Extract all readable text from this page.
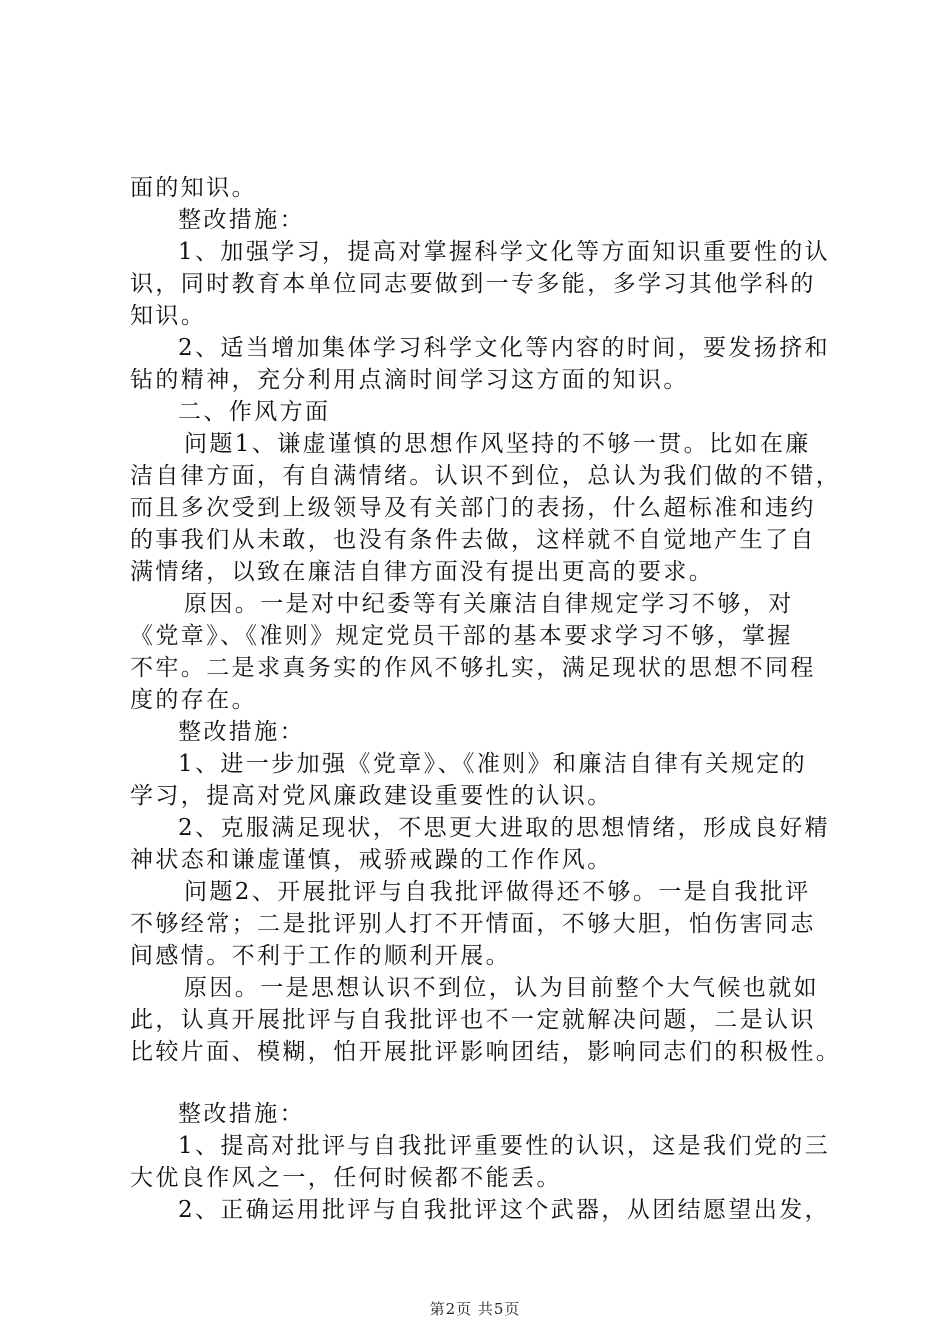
面的知识。
整改措施：
1、加强学习，提高对掌握科学文化等方面知识重要性的认
识，同时教育本单位同志要做到一专多能，多学习其他学科的
知识。
2、适当增加集体学习科学文化等内容的时间，要发扬挤和
钻的精神，充分利用点滴时间学习这方面的知识。
二、作风方面
问题1、谦虚谨慎的思想作风坚持的不够一贯。比如在廉
洁自律方面，有自满情绪。认识不到位，总认为我们做的不错，
而且多次受到上级领导及有关部门的表扬，什么超标准和违约
的事我们从未敢，也没有条件去做，这样就不自觉地产生了自
满情绪，以致在廉洁自律方面没有提出更高的要求。
原因。一是对中纪委等有关廉洁自律规定学习不够，对
《党章》、《准则》规定党员干部的基本要求学习不够，掌握
不牢。二是求真务实的作风不够扎实，满足现状的思想不同程
度的存在。
整改措施：
1、进一步加强《党章》、《准则》和廉洁自律有关规定的
学习，提高对党风廉政建设重要性的认识。
2、克服满足现状，不思更大进取的思想情绪，形成良好精
神状态和谦虚谨慎，戒骄戒躁的工作作风。
问题2、开展批评与自我批评做得还不够。一是自我批评
不够经常；二是批评别人打不开情面，不够大胆，怕伤害同志
间感情。不利于工作的顺利开展。
原因。一是思想认识不到位，认为目前整个大气候也就如
此，认真开展批评与自我批评也不一定就解决问题，二是认识
比较片面、模糊，怕开展批评影响团结，影响同志们的积极性。
整改措施：
1、提高对批评与自我批评重要性的认识，这是我们党的三
大优良作风之一，任何时候都不能丢。
2、正确运用批评与自我批评这个武器，从团结愿望出发，
第2页 共5页
